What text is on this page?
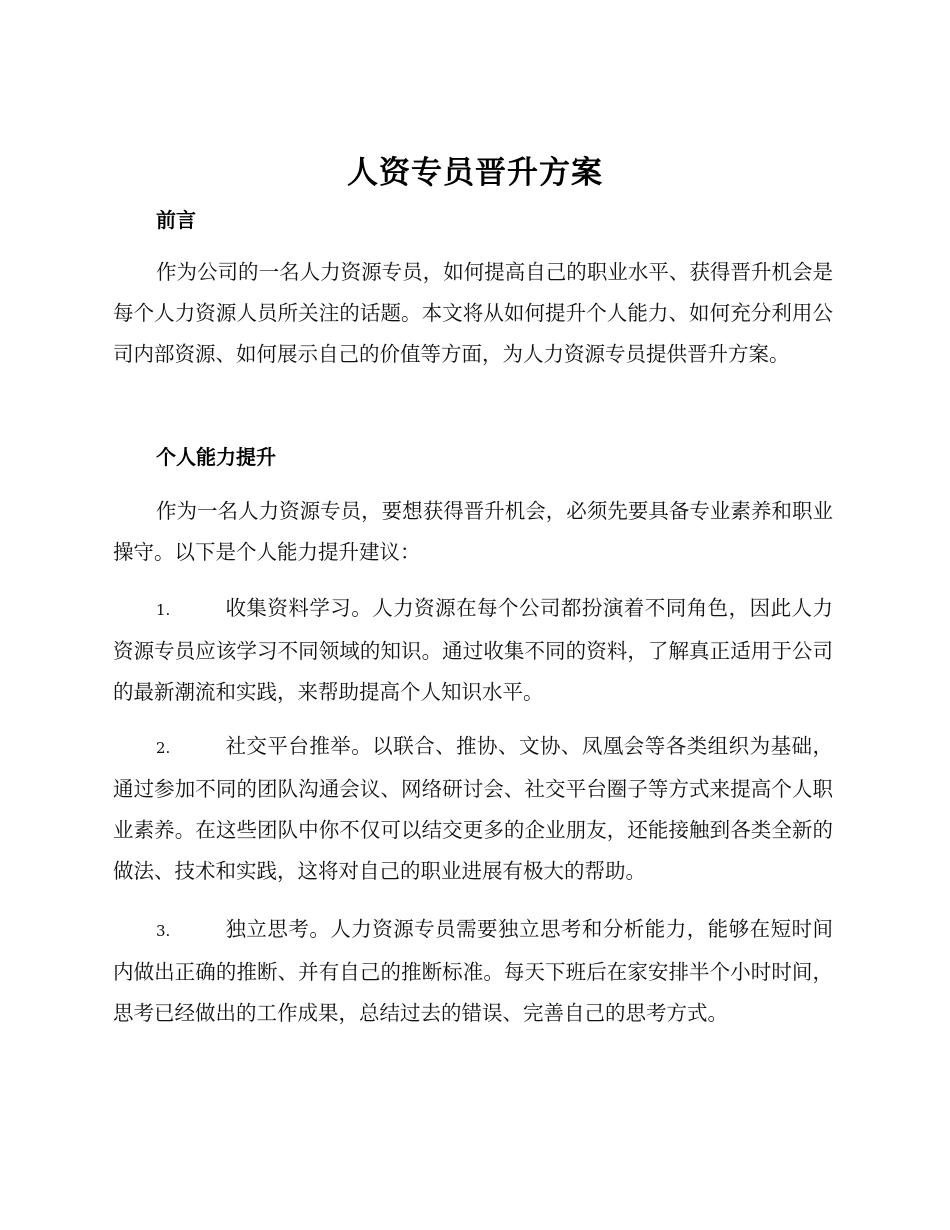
人资专员晋升方案
前言

作为公司的一名人力资源专员，如何提高自己的职业水平、获得晋升机会是每个人力资源人员所关注的话题。本文将从如何提升个人能力、如何充分利用公司内部资源、如何展示自己的价值等方面，为人力资源专员提供晋升方案。

个人能力提升

作为一名人力资源专员，要想获得晋升机会，必须先要具备专业素养和职业操守。以下是个人能力提升建议：

1.	收集资料学习。人力资源在每个公司都扮演着不同角色，因此人力资源专员应该学习不同领域的知识。通过收集不同的资料，了解真正适用于公司的最新潮流和实践，来帮助提高个人知识水平。

2.	社交平台推举。以联合、推协、文协、凤凰会等各类组织为基础，通过参加不同的团队沟通会议、网络研讨会、社交平台圈子等方式来提高个人职业素养。在这些团队中你不仅可以结交更多的企业朋友，还能接触到各类全新的做法、技术和实践，这将对自己的职业进展有极大的帮助。

3.	独立思考。人力资源专员需要独立思考和分析能力，能够在短时间内做出正确的推断、并有自己的推断标准。每天下班后在家安排半个小时时间，思考已经做出的工作成果，总结过去的错误、完善自己的思考方式。
